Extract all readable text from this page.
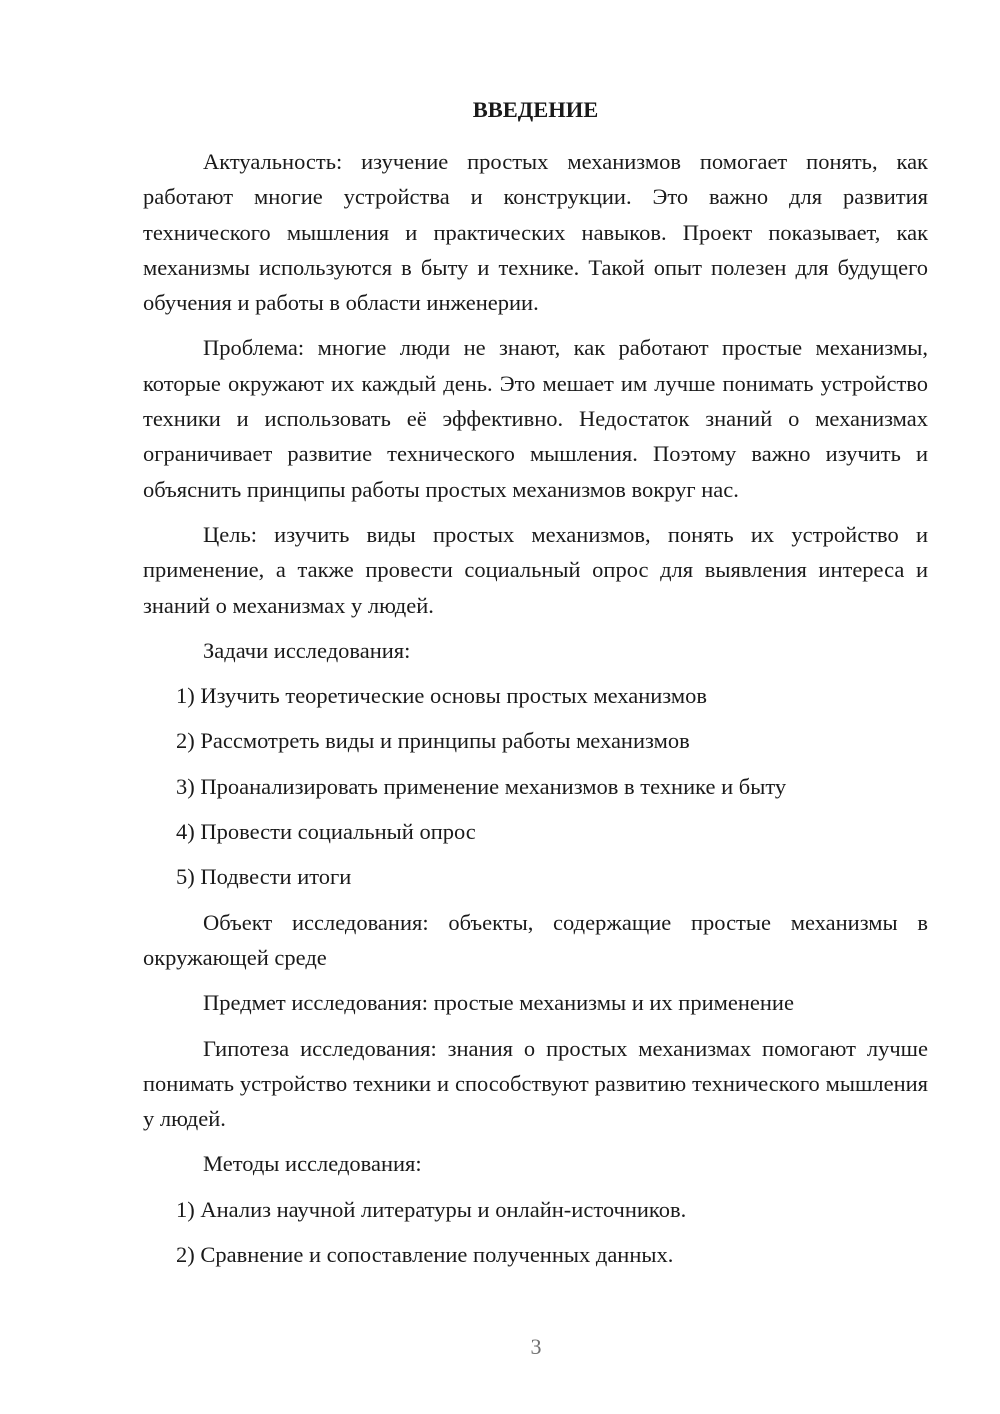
ВВЕДЕНИЕ

Актуальность: изучение простых механизмов помогает понять, как работают многие устройства и конструкции. Это важно для развития технического мышления и практических навыков. Проект показывает, как механизмы используются в быту и технике. Такой опыт полезен для будущего обучения и работы в области инженерии.

Проблема: многие люди не знают, как работают простые механизмы, которые окружают их каждый день. Это мешает им лучше понимать устройство техники и использовать её эффективно. Недостаток знаний о механизмах ограничивает развитие технического мышления. Поэтому важно изучить и объяснить принципы работы простых механизмов вокруг нас.

Цель: изучить виды простых механизмов, понять их устройство и применение, а также провести социальный опрос для выявления интереса и знаний о механизмах у людей.

Задачи исследования:

1) Изучить теоретические основы простых механизмов

2) Рассмотреть виды и принципы работы механизмов

3) Проанализировать применение механизмов в технике и быту

4) Провести социальный опрос

5) Подвести итоги

Объект исследования: объекты, содержащие простые механизмы в окружающей среде

Предмет исследования: простые механизмы и их применение

Гипотеза исследования: знания о простых механизмах помогают лучше понимать устройство техники и способствуют развитию технического мышления у людей.

Методы исследования:

1) Анализ научной литературы и онлайн-источников.

2) Сравнение и сопоставление полученных данных.

3
